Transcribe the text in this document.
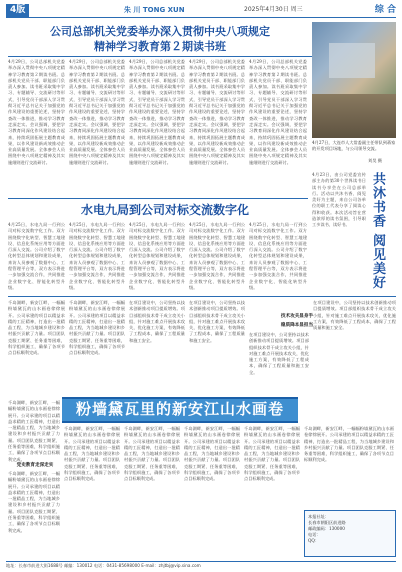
4版	朱 川 TONG XUN	2025年4月30日 周三	综 合
公司总部机关党委举办深入贯彻中央八项规定
精神学习教育第２期读书班
4月29日，公司总部机关党委举办深入贯彻中央八项规定精神学习教育第２期读书班。总部机关党员干部、职能部门负责人参加。读书班采取集中学习、专题辅导、交流研讨等形式，引导党员干部深入学习贯彻习近平总书记关于加强党的作风建设的重要论述，坚持学查改一体推进，推动学习教育走深走实。会议强调，要把学习教育同深化作风建设结合起来，持续巩固拓展主题教育成果，以作风建设新成效推动企业高质量发展。全体参会人员围绕中央八项规定精神及其实施细则进行交流研讨。
4月29日，公司总部机关党委举办深入贯彻中央八项规定精神学习教育第２期读书班。总部机关党员干部、职能部门负责人参加。读书班采取集中学习、专题辅导、交流研讨等形式，引导党员干部深入学习贯彻习近平总书记关于加强党的作风建设的重要论述，坚持学查改一体推进，推动学习教育走深走实。会议强调，要把学习教育同深化作风建设结合起来，持续巩固拓展主题教育成果，以作风建设新成效推动企业高质量发展。全体参会人员围绕中央八项规定精神及其实施细则进行交流研讨。
4月29日，公司总部机关党委举办深入贯彻中央八项规定精神学习教育第２期读书班。总部机关党员干部、职能部门负责人参加。读书班采取集中学习、专题辅导、交流研讨等形式，引导党员干部深入学习贯彻习近平总书记关于加强党的作风建设的重要论述，坚持学查改一体推进，推动学习教育走深走实。会议强调，要把学习教育同深化作风建设结合起来，持续巩固拓展主题教育成果，以作风建设新成效推动企业高质量发展。全体参会人员围绕中央八项规定精神及其实施细则进行交流研讨。
4月29日，公司总部机关党委举办深入贯彻中央八项规定精神学习教育第２期读书班。总部机关党员干部、职能部门负责人参加。读书班采取集中学习、专题辅导、交流研讨等形式，引导党员干部深入学习贯彻习近平总书记关于加强党的作风建设的重要论述，坚持学查改一体推进，推动学习教育走深走实。会议强调，要把学习教育同深化作风建设结合起来，持续巩固拓展主题教育成果，以作风建设新成效推动企业高质量发展。全体参会人员围绕中央八项规定精神及其实施细则进行交流研讨。
4月29日，公司总部机关党委举办深入贯彻中央八项规定精神学习教育第２期读书班。总部机关党员干部、职能部门负责人参加。读书班采取集中学习、专题辅导、交流研讨等形式，引导党员干部深入学习贯彻习近平总书记关于加强党的作风建设的重要论述，坚持学查改一体推进，推动学习教育走深走实。会议强调，要把学习教育同深化作风建设结合起来，持续巩固拓展主题教育成果，以作风建设新成效推动企业高质量发展。全体参会人员围绕中央八项规定精神及其实施细则进行交流研讨。
4月27日，大连市人大常委副主任带队到蒋家的开发项目场地，与公司领导交流。
刘昊 摄
水电九局到公司对标交流数字化
4月25日，水电九局一行到公司对标交流数字化工作。双方围绕数字化转型、智慧工地建设、信息化系统应用等方面进行深入交流。公司介绍了数字化转型总体规划和建设成果，来访人员参观了数据中心、工程管理平台等，双方表示将进一步加强交流合作，共同推进企业数字化、智能化转型升级。
4月25日，水电九局一行到公司对标交流数字化工作。双方围绕数字化转型、智慧工地建设、信息化系统应用等方面进行深入交流。公司介绍了数字化转型总体规划和建设成果，来访人员参观了数据中心、工程管理平台等，双方表示将进一步加强交流合作，共同推进企业数字化、智能化转型升级。
4月25日，水电九局一行到公司对标交流数字化工作。双方围绕数字化转型、智慧工地建设、信息化系统应用等方面进行深入交流。公司介绍了数字化转型总体规划和建设成果，来访人员参观了数据中心、工程管理平台等，双方表示将进一步加强交流合作，共同推进企业数字化、智能化转型升级。
4月25日，水电九局一行到公司对标交流数字化工作。双方围绕数字化转型、智慧工地建设、信息化系统应用等方面进行深入交流。公司介绍了数字化转型总体规划和建设成果，来访人员参观了数据中心、工程管理平台等，双方表示将进一步加强交流合作，共同推进企业数字化、智能化转型升级。
4月25日，水电九局一行到公司对标交流数字化工作。双方围绕数字化转型、智慧工地建设、信息化系统应用等方面进行深入交流。公司介绍了数字化转型总体规划和建设成果，来访人员参观了数据中心、工程管理平台等，双方表示将进一步加强交流合作，共同推进企业数字化、智能化转型升级。	共沐书香 阅见美好
4月23日，由公司党委宣传部主办的第30个世界读书日读书分享会在公司总部举行。活动以共沐书香、阅见美好为主题，来自公司各单位的职工代表分享了阅读心得和收获。本次活动旨在营造浓厚的读书氛围，引导职工多读书、读好书。
千岛湖畔，新安江畔，一幅幅粉墙黛瓦的山水画卷徐徐展开。公司承建的项目以精益求精的工匠精神，打造出一批精品工程，为当地城乡建设和乡村振兴贡献了力量。项目团队克服工期紧、任务重等困难，科学组织施工，确保了各项节点目标顺利完成。
千岛湖畔，新安江畔，一幅幅粉墙黛瓦的山水画卷徐徐展开。公司承建的项目以精益求精的工匠精神，打造出一批精品工程，为当地城乡建设和乡村振兴贡献了力量。项目团队克服工期紧、任务重等困难，科学组织施工，确保了各项节点目标顺利完成。
在项目建设中，公司坚持以技术创新推动项目提质增效。项目部组织技术骨干成立攻关小组，针对施工难点开展技术攻关，优化施工方案，有效降低了工程成本，确保了工程质量和施工安全。
在项目建设中，公司坚持以技术创新推动项目提质增效。项目部组织技术骨干成立攻关小组，针对施工难点开展技术攻关，优化施工方案，有效降低了工程成本，确保了工程质量和施工安全。
技术攻关显身手
稳质降本显担当
在项目建设中，公司坚持以技术创新推动项目提质增效。项目部组织技术骨干成立攻关小组，针对施工难点开展技术攻关，优化施工方案，有效降低了工程成本，确保了工程质量和施工安全。
在项目建设中，公司坚持以技术创新推动项目提质增效。项目部组织技术骨干成立攻关小组，针对施工难点开展技术攻关，优化施工方案，有效降低了工程成本，确保了工程质量和施工安全。
粉墙黛瓦里的新安江山水画卷
千岛湖畔，新安江畔，一幅幅粉墙黛瓦的山水画卷徐徐展开。公司承建的项目以精益求精的工匠精神，打造出一批精品工程，为当地城乡建设和乡村振兴贡献了力量。项目团队克服工期紧、任务重等困难，科学组织施工，确保了各项节点目标顺利完成。
党史教育走深走实
千岛湖畔，新安江畔，一幅幅粉墙黛瓦的山水画卷徐徐展开。公司承建的项目以精益求精的工匠精神，打造出一批精品工程，为当地城乡建设和乡村振兴贡献了力量。项目团队克服工期紧、任务重等困难，科学组织施工，确保了各项节点目标顺利完成。
千岛湖畔，新安江畔，一幅幅粉墙黛瓦的山水画卷徐徐展开。公司承建的项目以精益求精的工匠精神，打造出一批精品工程，为当地城乡建设和乡村振兴贡献了力量。项目团队克服工期紧、任务重等困难，科学组织施工，确保了各项节点目标顺利完成。
千岛湖畔，新安江畔，一幅幅粉墙黛瓦的山水画卷徐徐展开。公司承建的项目以精益求精的工匠精神，打造出一批精品工程，为当地城乡建设和乡村振兴贡献了力量。项目团队克服工期紧、任务重等困难，科学组织施工，确保了各项节点目标顺利完成。
千岛湖畔，新安江畔，一幅幅粉墙黛瓦的山水画卷徐徐展开。公司承建的项目以精益求精的工匠精神，打造出一批精品工程，为当地城乡建设和乡村振兴贡献了力量。项目团队克服工期紧、任务重等困难，科学组织施工，确保了各项节点目标顺利完成。
千岛湖畔，新安江畔，一幅幅粉墙黛瓦的山水画卷徐徐展开。公司承建的项目以精益求精的工匠精神，打造出一批精品工程，为当地城乡建设和乡村振兴贡献了力量。项目团队克服工期紧、任务重等困难，科学组织施工，确保了各项节点目标顺利完成。
千岛湖畔，新安江畔，一幅幅粉墙黛瓦的山水画卷徐徐展开。公司承建的项目以精益求精的工匠精神，打造出一批精品工程，为当地城乡建设和乡村振兴贡献了力量。项目团队克服工期紧、任务重等困难，科学组织施工，确保了各项节点目标顺利完成。
本报社址：
长春市朝阳区前进路
邮政编码：130000
电话：
QQ：
地址：长春市前进大街1688号 邮编：130012 电话：0431-85698000 E-mail：zhjtbj@vip.sina.com
